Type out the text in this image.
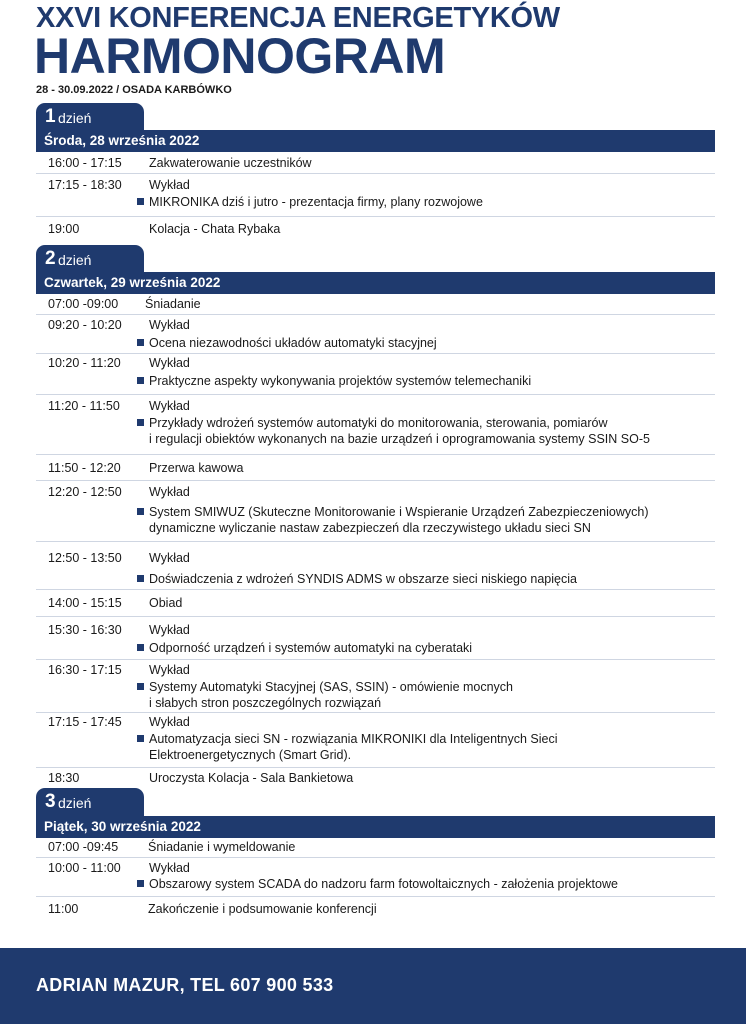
XXVI KONFERENCJA ENERGETYKÓW
HARMONOGRAM
28 - 30.09.2022 / OSADA KARBÓWKO
1 dzień
Środa, 28 września 2022
16:00 - 17:15 Zakwaterowanie uczestników
17:15 - 18:30 Wykład
MIKRONIKA dziś i jutro - prezentacja firmy, plany rozwojowe
19:00	Kolacja - Chata Rybaka
2 dzień
Czwartek, 29 września 2022
07:00 -09:00 Śniadanie
09:20 - 10:20 Wykład
Ocena niezawodności układów automatyki stacyjnej
10:20 - 11:20 Wykład
Praktyczne aspekty wykonywania projektów systemów telemechaniki
11:20 - 11:50 Wykład
Przykłady wdrożeń systemów automatyki do monitorowania, sterowania, pomiarów
i regulacji obiektów wykonanych na bazie urządzeń i oprogramowania systemy SSIN SO-5
11:50 - 12:20 Przerwa kawowa
12:20 - 12:50 Wykład
System SMIWUZ (Skuteczne Monitorowanie i Wspieranie Urządzeń Zabezpieczeniowych)
dynamiczne wyliczanie nastaw zabezpieczeń dla rzeczywistego układu sieci SN
12:50 - 13:50 Wykład
Doświadczenia z wdrożeń SYNDIS ADMS w obszarze sieci niskiego napięcia
14:00 - 15:15 Obiad
15:30 - 16:30 Wykład
Odporność urządzeń i systemów automatyki na cyberataki
16:30 - 17:15 Wykład
Systemy Automatyki Stacyjnej (SAS, SSIN) - omówienie mocnych
i słabych stron poszczególnych rozwiązań
17:15 - 17:45 Wykład
Automatyzacja sieci SN - rozwiązania MIKRONIKI dla Inteligentnych Sieci
Elektroenergetycznych (Smart Grid).
18:30	Uroczysta Kolacja - Sala Bankietowa
3 dzień
Piątek, 30 września 2022
07:00 -09:45 Śniadanie i wymeldowanie
10:00 - 11:00 Wykład
Obszarowy system SCADA do nadzoru farm fotowoltaicznych - założenia projektowe
11:00	Zakończenie i podsumowanie konferencji
ADRIAN MAZUR, TEL 607 900 533
